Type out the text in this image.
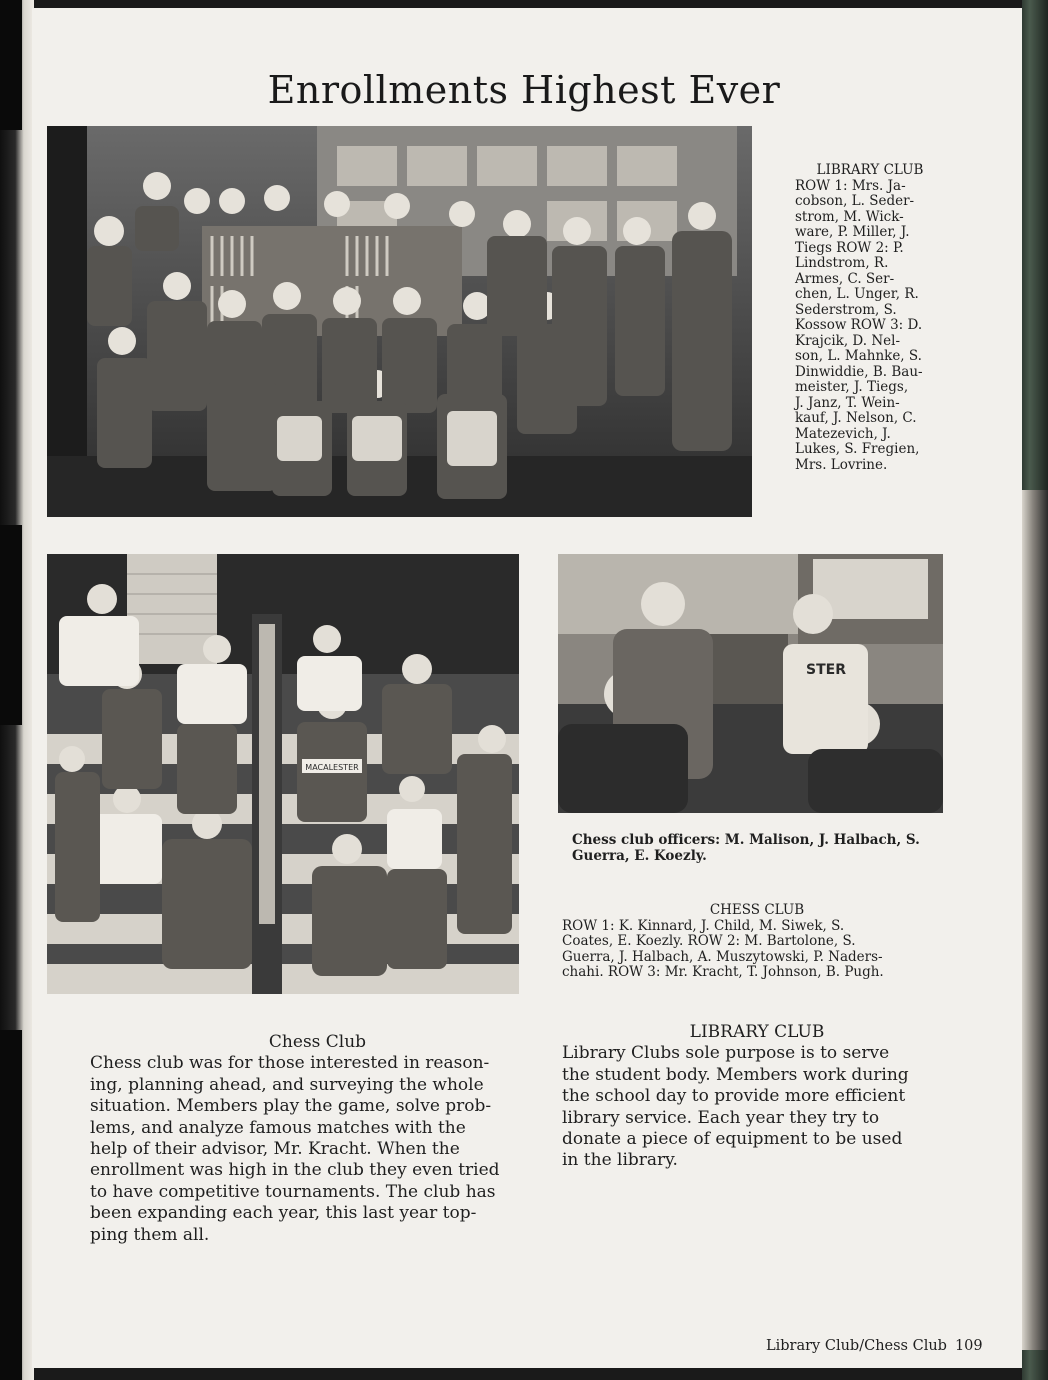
Enrollments Highest Ever

LIBRARY CLUB
ROW 1: Mrs. Ja-
cobson, L. Seder-
strom, M. Wick-
ware, P. Miller, J.
Tiegs ROW 2: P.
Lindstrom, R.
Armes, C. Ser-
chen, L. Unger, R.
Sederstrom, S.
Kossow ROW 3: D.
Krajcik, D. Nel-
son, L. Mahnke, S.
Dinwiddie, B. Bau-
meister, J. Tiegs,
J. Janz, T. Wein-
kauf, J. Nelson, C.
Matezevich, J.
Lukes, S. Fregien,
Mrs. Lovrine.

MACALESTER
STER

Chess club officers: M. Malison, J. Halbach, S.
Guerra, E. Koezly.

CHESS CLUB
ROW 1: K. Kinnard, J. Child, M. Siwek, S.
Coates, E. Koezly. ROW 2: M. Bartolone, S.
Guerra, J. Halbach, A. Muszytowski, P. Naders-
chahi. ROW 3: Mr. Kracht, T. Johnson, B. Pugh.

Chess Club
Chess club was for those interested in reason-
ing, planning ahead, and surveying the whole
situation. Members play the game, solve prob-
lems, and analyze famous matches with the
help of their advisor, Mr. Kracht. When the
enrollment was high in the club they even tried
to have competitive tournaments. The club has
been expanding each year, this last year top-
ping them all.
LIBRARY CLUB
Library Clubs sole purpose is to serve
the student body. Members work during
the school day to provide more efficient
library service. Each year they try to
donate a piece of equipment to be used
in the library.
Library Club/Chess Club 109
